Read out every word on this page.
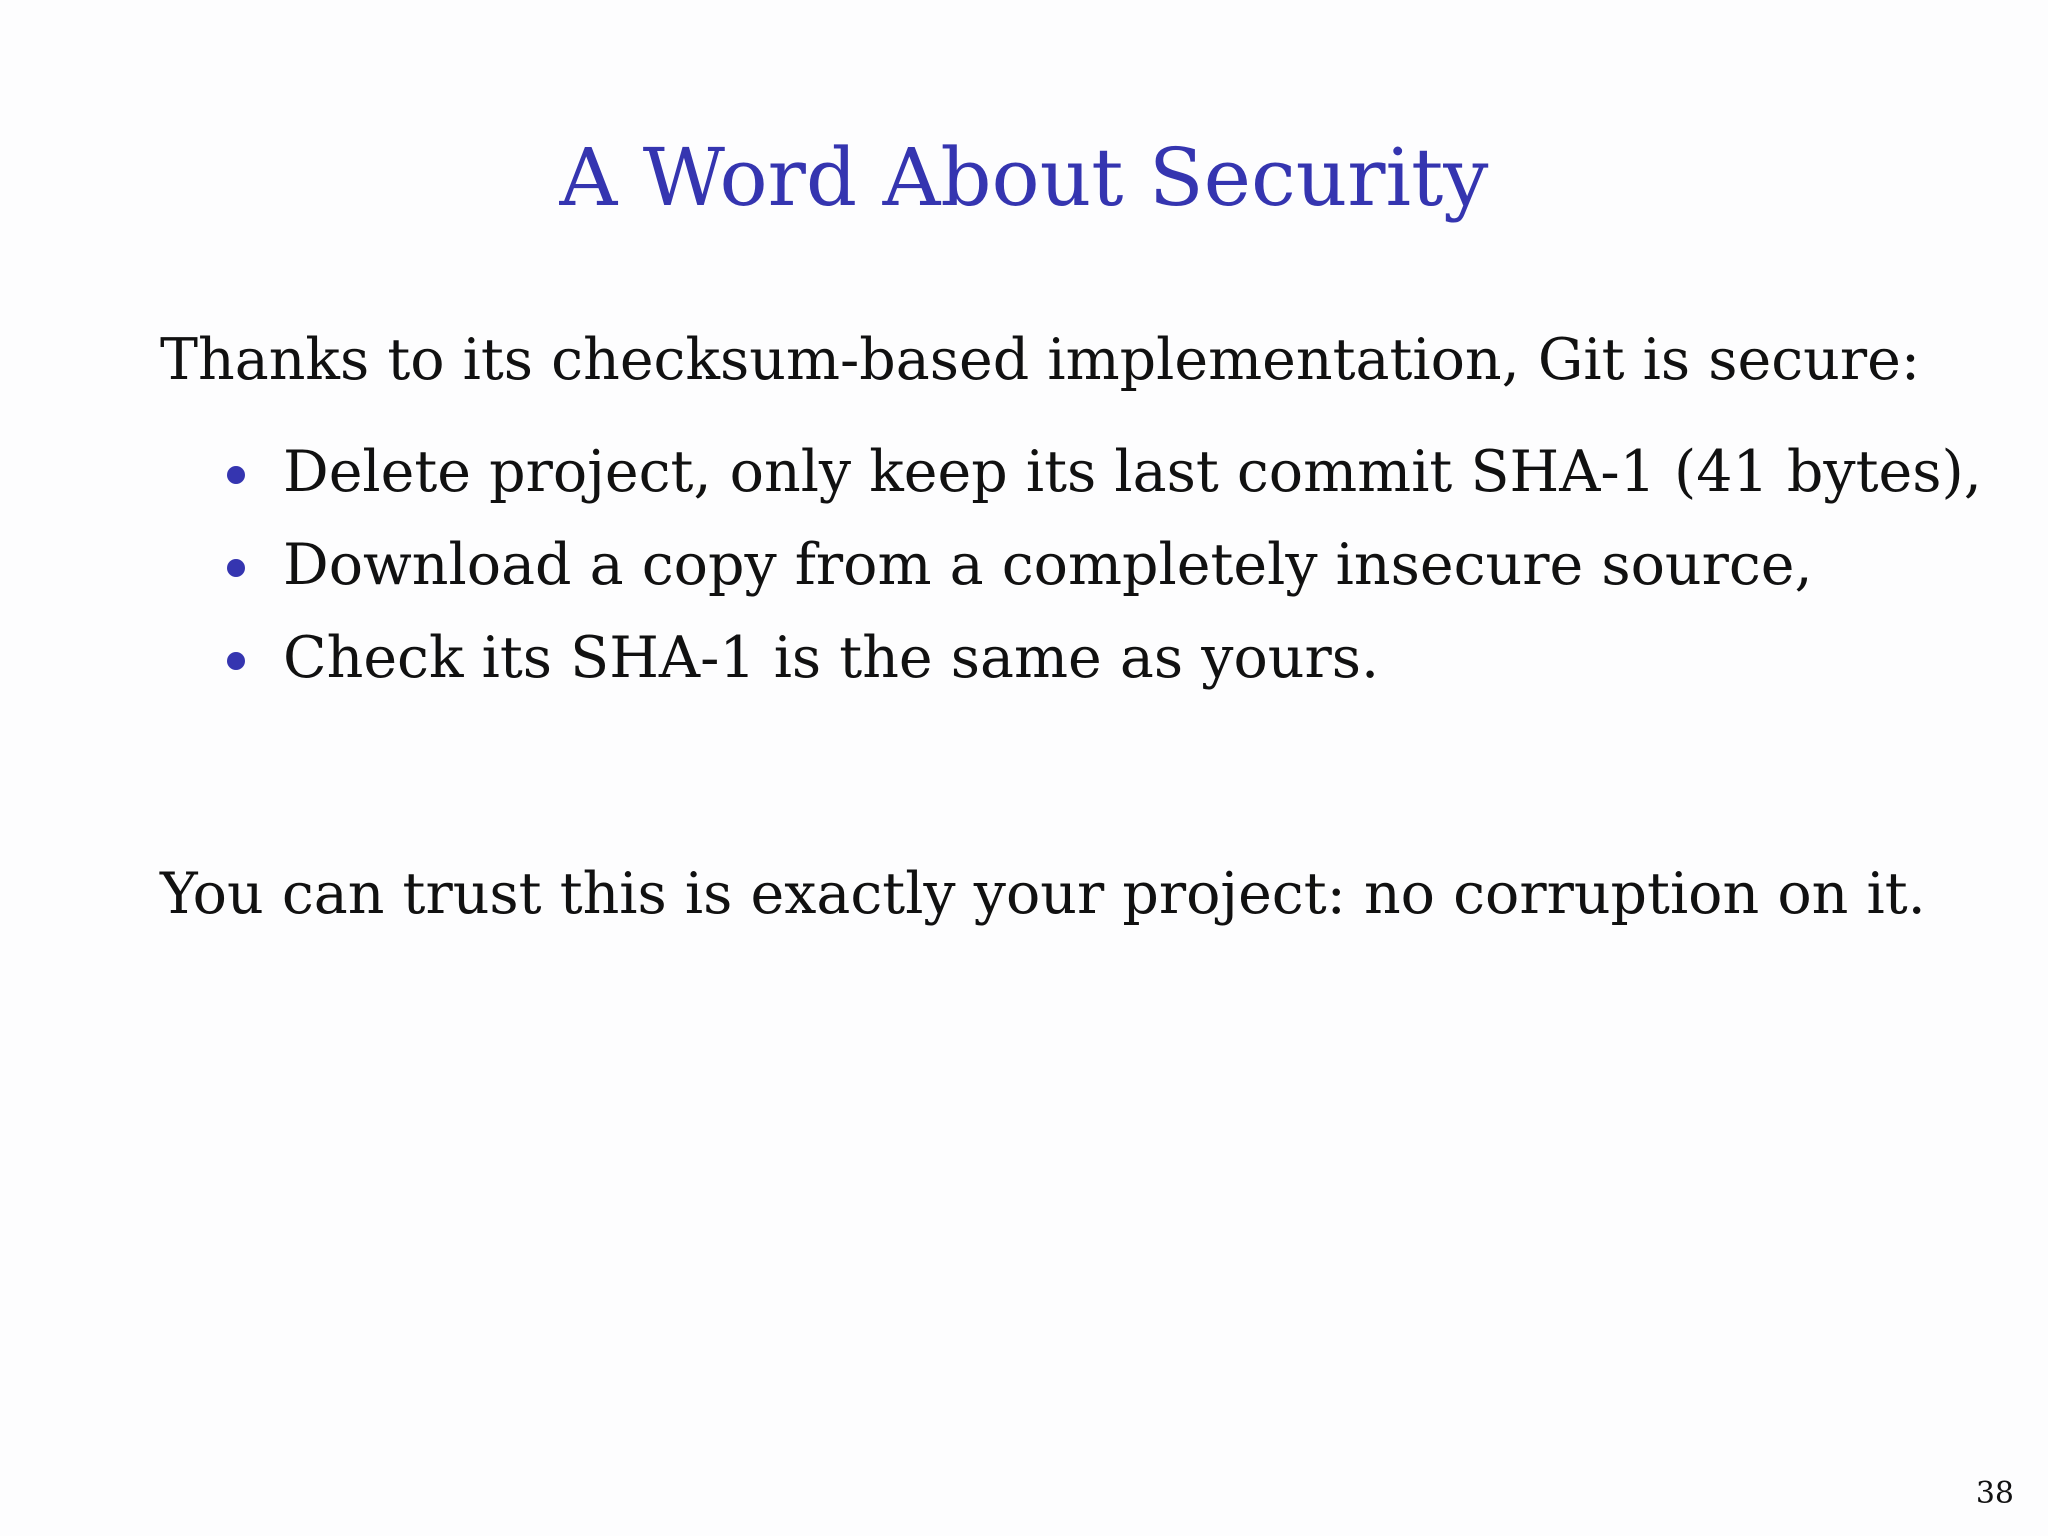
A Word About Security

Thanks to its checksum-based implementation, Git is secure:

Delete project, only keep its last commit SHA-1 (41 bytes),
Download a copy from a completely insecure source,
Check its SHA-1 is the same as yours.

You can trust this is exactly your project: no corruption on it.

38
